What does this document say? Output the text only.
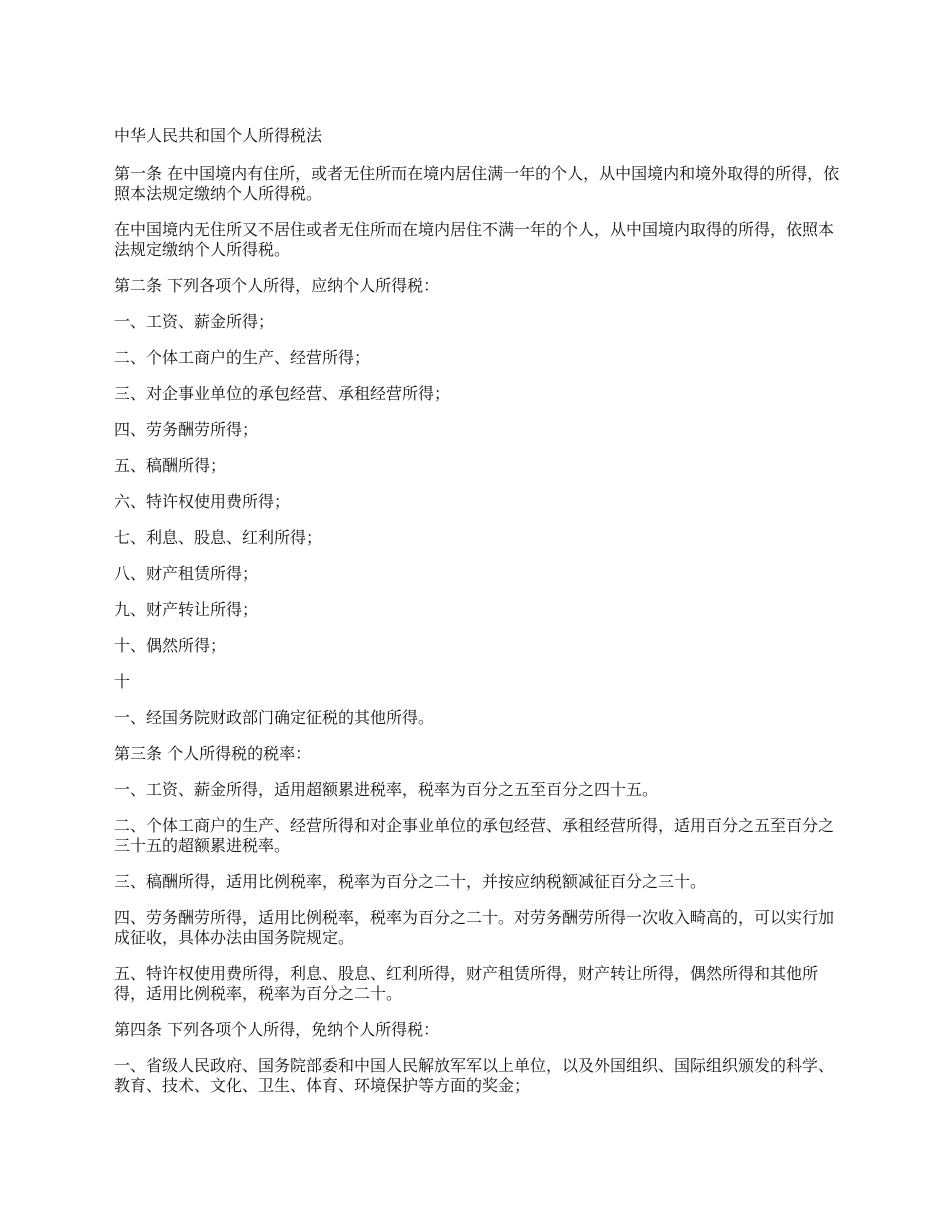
中华人民共和国个人所得税法

第一条 在中国境内有住所，或者无住所而在境内居住满一年的个人，从中国境内和境外取得的所得，依照本法规定缴纳个人所得税。

在中国境内无住所又不居住或者无住所而在境内居住不满一年的个人，从中国境内取得的所得，依照本法规定缴纳个人所得税。

第二条 下列各项个人所得，应纳个人所得税：

一、工资、薪金所得；

二、个体工商户的生产、经营所得；

三、对企事业单位的承包经营、承租经营所得；

四、劳务酬劳所得；

五、稿酬所得；

六、特许权使用费所得；

七、利息、股息、红利所得；

八、财产租赁所得；

九、财产转让所得；

十、偶然所得；

十

一、经国务院财政部门确定征税的其他所得。

第三条 个人所得税的税率：

一、工资、薪金所得，适用超额累进税率，税率为百分之五至百分之四十五。

二、个体工商户的生产、经营所得和对企事业单位的承包经营、承租经营所得，适用百分之五至百分之三十五的超额累进税率。

三、稿酬所得，适用比例税率，税率为百分之二十，并按应纳税额减征百分之三十。

四、劳务酬劳所得，适用比例税率，税率为百分之二十。对劳务酬劳所得一次收入畸高的，可以实行加成征收，具体办法由国务院规定。

五、特许权使用费所得，利息、股息、红利所得，财产租赁所得，财产转让所得，偶然所得和其他所得，适用比例税率，税率为百分之二十。

第四条 下列各项个人所得，免纳个人所得税：

一、省级人民政府、国务院部委和中国人民解放军军以上单位，以及外国组织、国际组织颁发的科学、教育、技术、文化、卫生、体育、环境保护等方面的奖金；
